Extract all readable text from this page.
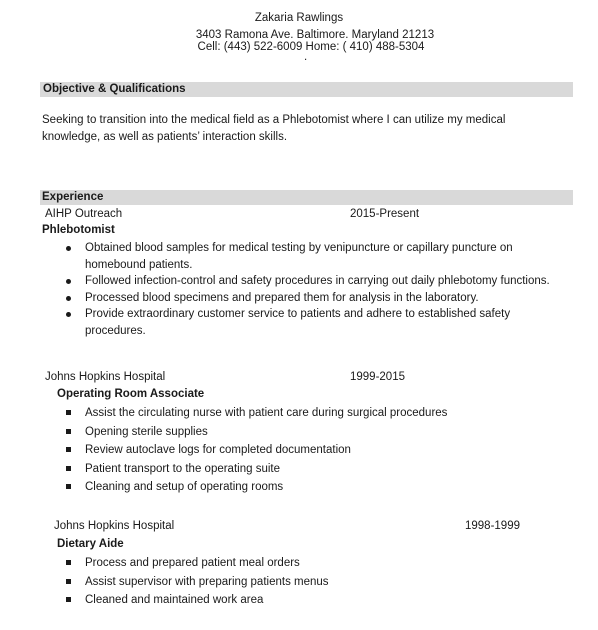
Zakaria Rawlings
3403 Ramona Ave. Baltimore. Maryland 21213
Cell: (443) 522-6009 Home: ( 410) 488-5304
.
Objective & Qualifications
Seeking to transition into the medical field as a Phlebotomist where I can utilize my medical knowledge, as well as patients’ interaction skills.
Experience
AIHP Outreach	2015-Present
Phlebotomist
Obtained blood samples for medical testing by venipuncture or capillary puncture on homebound patients.
Followed infection-control and safety procedures in carrying out daily phlebotomy functions.
Processed blood specimens and prepared them for analysis in the laboratory.
Provide extraordinary customer service to patients and adhere to established safety procedures.
Johns Hopkins Hospital	1999-2015
Operating Room Associate
Assist the circulating nurse with patient care during surgical procedures
Opening sterile supplies
Review autoclave logs for completed documentation
Patient transport to the operating suite
Cleaning and setup of operating rooms
Johns Hopkins Hospital	1998-1999
Dietary Aide
Process and prepared patient meal orders
Assist supervisor with preparing patients menus
Cleaned and maintained work area
